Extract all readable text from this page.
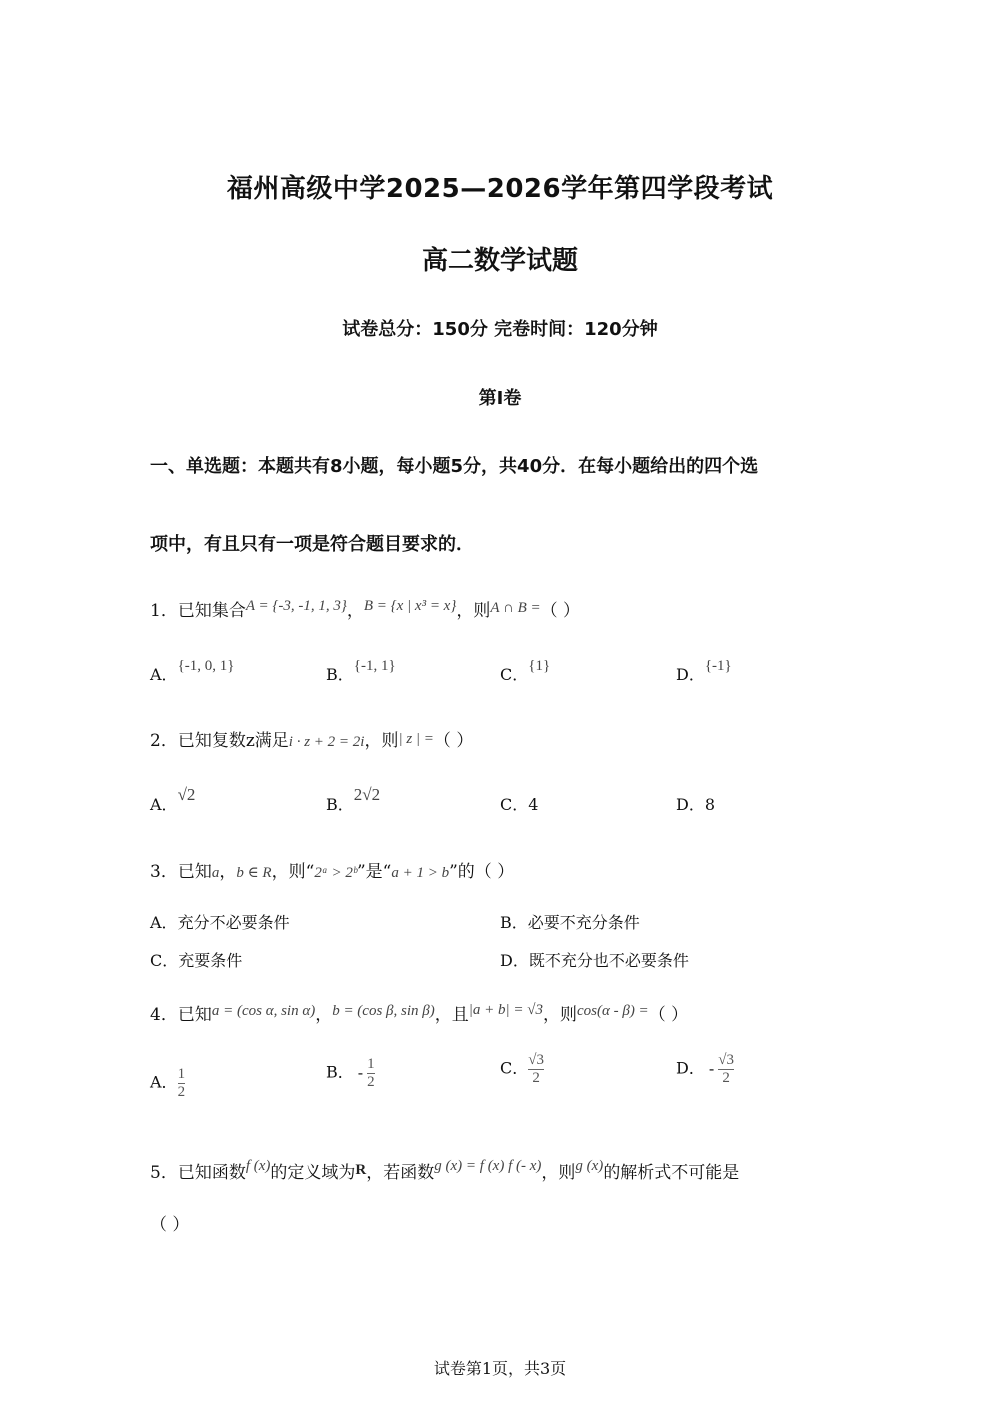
福州高级中学2025—2026学年第四学段考试
高二数学试题
试卷总分：150分 完卷时间：120分钟
第Ⅰ卷
一、单选题：本题共有8小题，每小题5分，共40分．在每小题给出的四个选
项中，有且只有一项是符合题目要求的．
1．已知集合A = {-3, -1, 1, 3}，B = {x | x³ = x}，则A ∩ B =（ ）
A．{-1, 0, 1}	B．{-1, 1}	C．{1}	D．{-1}
2．已知复数z满足i · z + 2 = 2i，则| z | =（ ）
A．√2
B．2√2
C．4	D．8
3．已知a，b ∈ R，则“2ᵃ > 2ᵇ”是“a + 1 > b”的（ ）
A．充分不必要条件	B．必要不充分条件
C．充要条件	D．既不充分也不必要条件
4．已知a = (cos α, sin α)，b = (cos β, sin β)，且|a + b| = √3，则cos(α - β) =（ ）
A． $\frac{1}{2}$	B． - $\frac{1}{2}$	C． $\frac{√3}{2}$	D． - $\frac{√3}{2}$
5．已知函数f (x)的定义域为R，若函数g (x) = f (x) f (- x)，则g (x)的解析式不可能是
（ ）
试卷第1页，共3页
